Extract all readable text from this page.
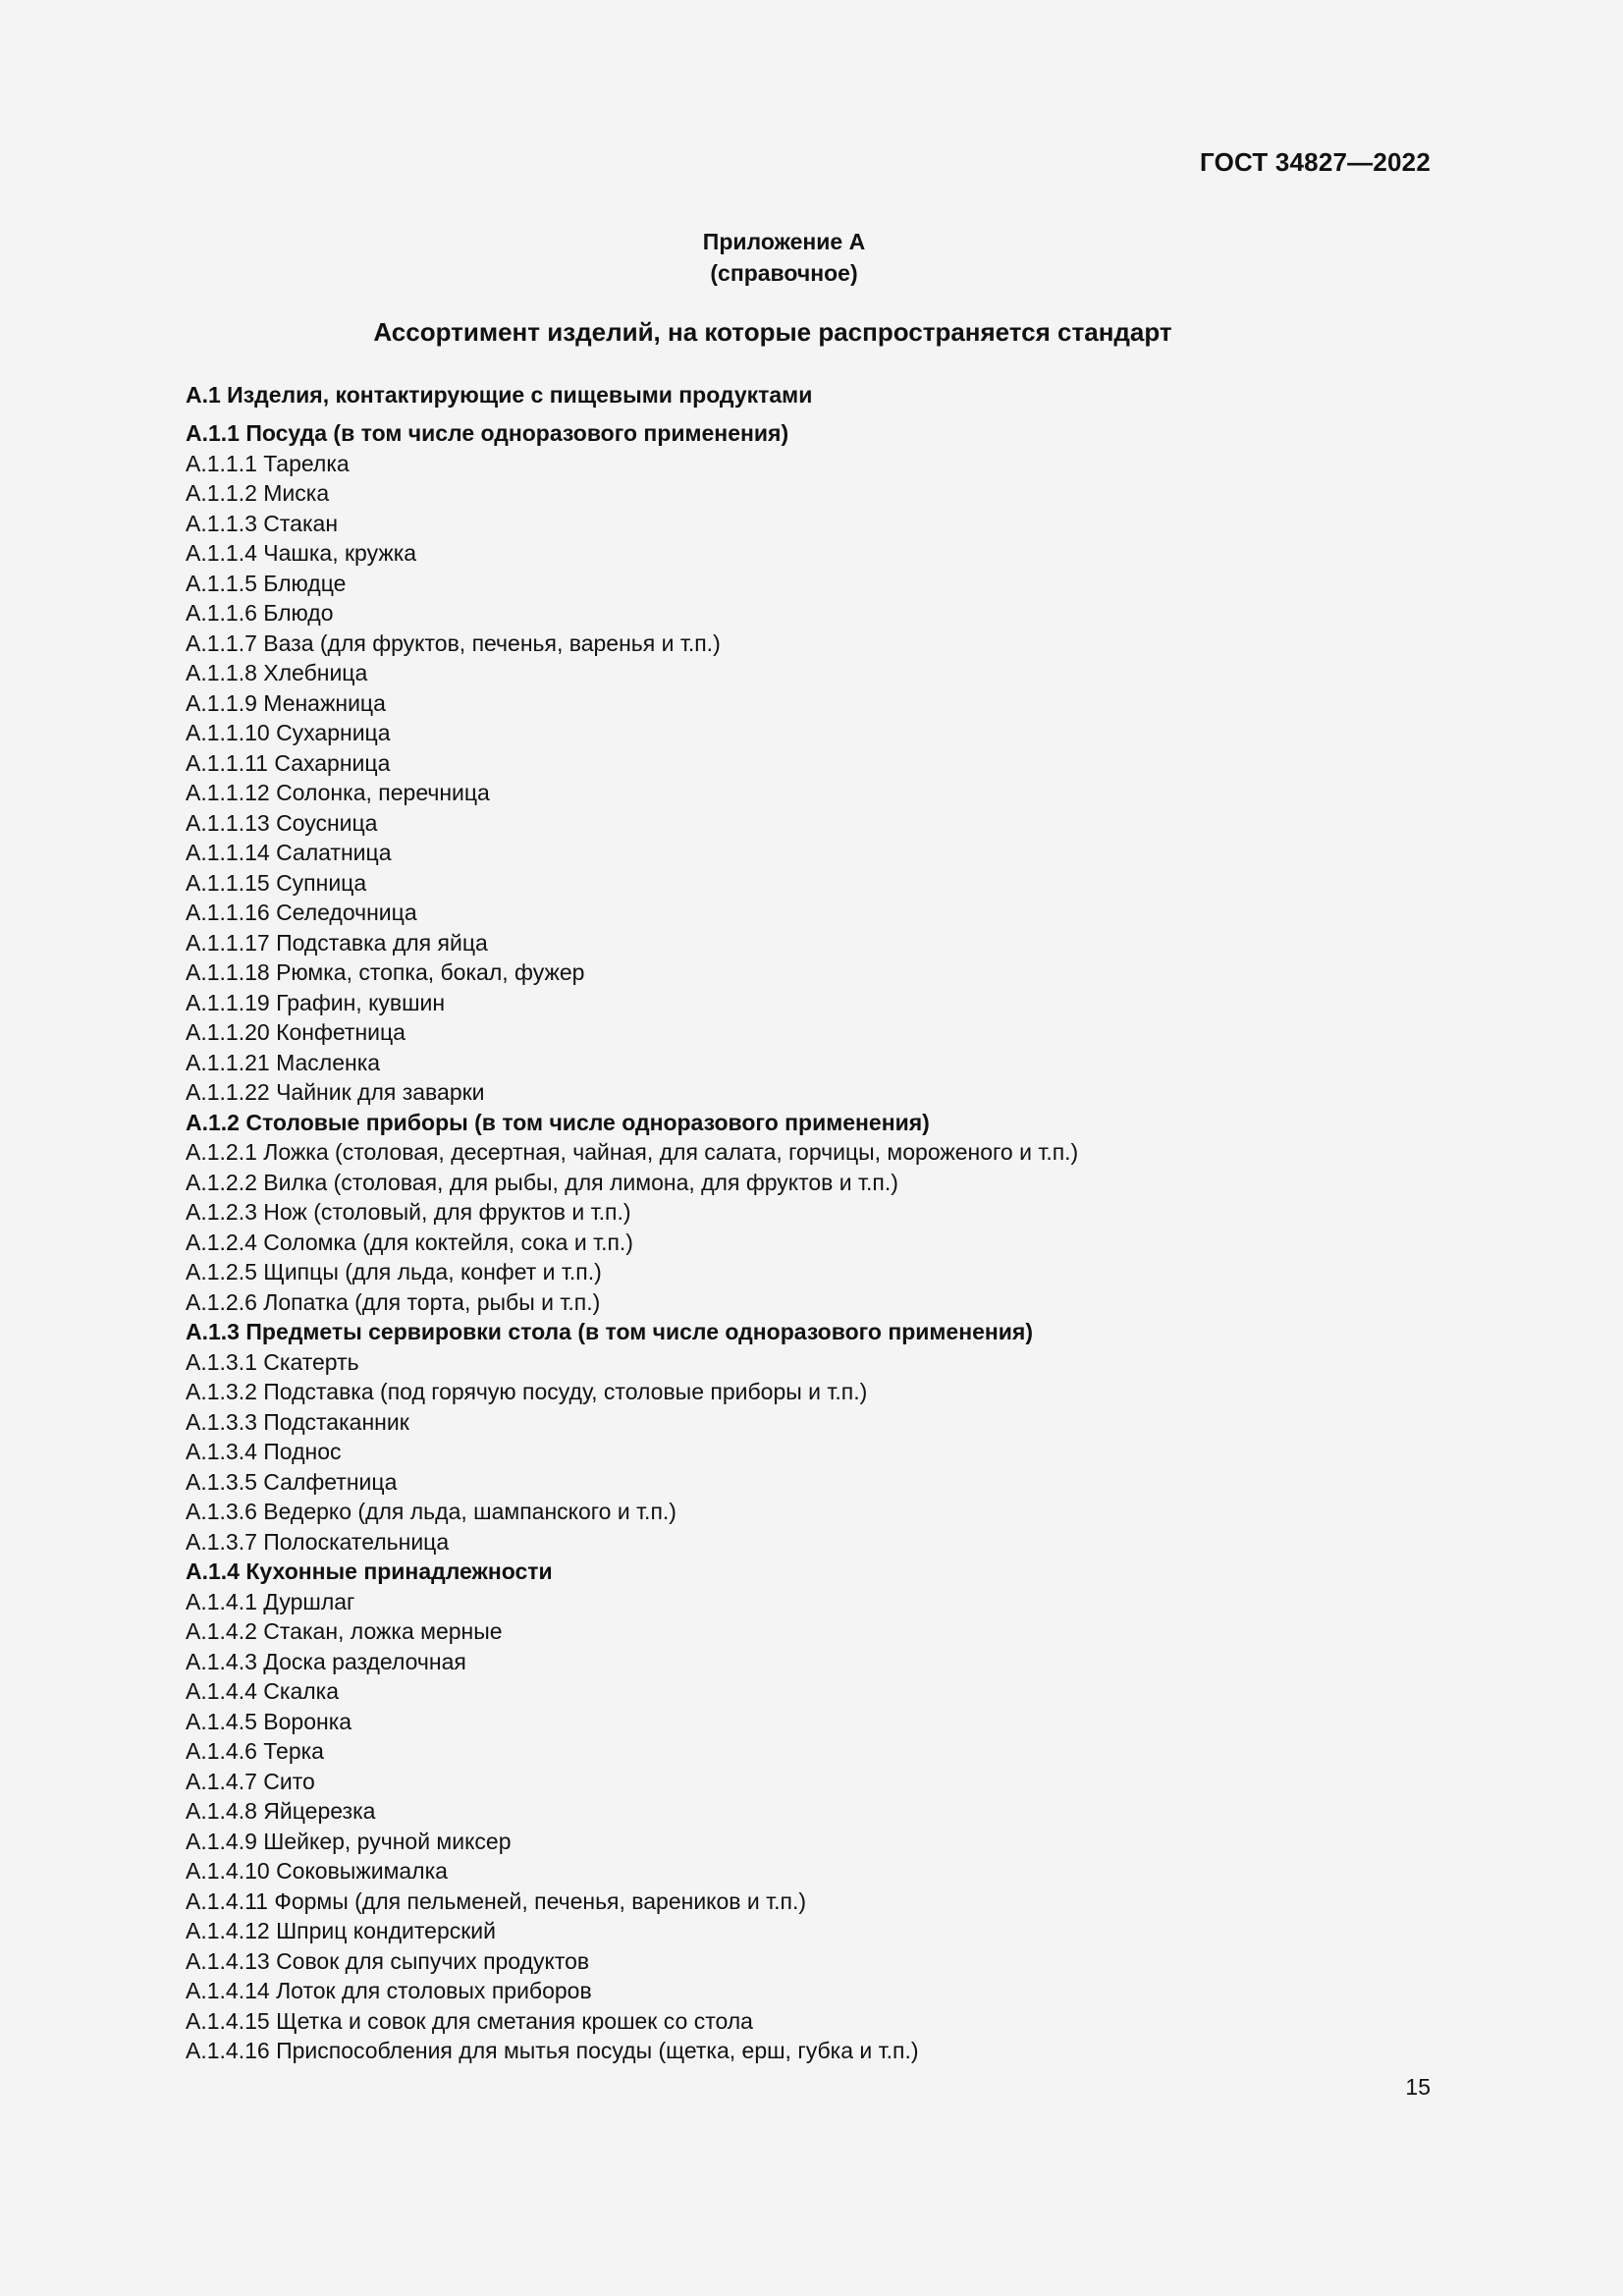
ГОСТ 34827—2022
Приложение А
(справочное)
Ассортимент изделий, на которые распространяется стандарт
А.1 Изделия, контактирующие с пищевыми продуктами
А.1.1 Посуда (в том числе одноразового применения)
А.1.1.1 Тарелка
А.1.1.2 Миска
А.1.1.3 Стакан
А.1.1.4 Чашка, кружка
А.1.1.5 Блюдце
А.1.1.6 Блюдо
А.1.1.7 Ваза (для фруктов, печенья, варенья и т.п.)
А.1.1.8 Хлебница
А.1.1.9 Менажница
А.1.1.10 Сухарница
А.1.1.11 Сахарница
А.1.1.12 Солонка, перечница
А.1.1.13 Соусница
А.1.1.14 Салатница
А.1.1.15 Супница
А.1.1.16 Селедочница
А.1.1.17 Подставка для яйца
А.1.1.18 Рюмка, стопка, бокал, фужер
А.1.1.19 Графин, кувшин
А.1.1.20 Конфетница
А.1.1.21 Масленка
А.1.1.22 Чайник для заварки
А.1.2 Столовые приборы (в том числе одноразового применения)
А.1.2.1 Ложка (столовая, десертная, чайная, для салата, горчицы, мороженого и т.п.)
А.1.2.2 Вилка (столовая, для рыбы, для лимона, для фруктов и т.п.)
А.1.2.3 Нож (столовый, для фруктов и т.п.)
А.1.2.4 Соломка (для коктейля, сока и т.п.)
А.1.2.5 Щипцы (для льда, конфет и т.п.)
А.1.2.6 Лопатка (для торта, рыбы и т.п.)
А.1.3 Предметы сервировки стола (в том числе одноразового применения)
А.1.3.1 Скатерть
А.1.3.2 Подставка (под горячую посуду, столовые приборы и т.п.)
А.1.3.3 Подстаканник
А.1.3.4 Поднос
А.1.3.5 Салфетница
А.1.3.6 Ведерко (для льда, шампанского и т.п.)
А.1.3.7 Полоскательница
А.1.4 Кухонные принадлежности
А.1.4.1 Дуршлаг
А.1.4.2 Стакан, ложка мерные
А.1.4.3 Доска разделочная
А.1.4.4 Скалка
А.1.4.5 Воронка
А.1.4.6 Терка
А.1.4.7 Сито
А.1.4.8 Яйцерезка
А.1.4.9 Шейкер, ручной миксер
А.1.4.10 Соковыжималка
А.1.4.11 Формы (для пельменей, печенья, вареников и т.п.)
А.1.4.12 Шприц кондитерский
А.1.4.13 Совок для сыпучих продуктов
А.1.4.14 Лоток для столовых приборов
А.1.4.15 Щетка и совок для сметания крошек со стола
А.1.4.16 Приспособления для мытья посуды (щетка, ерш, губка и т.п.)
15
